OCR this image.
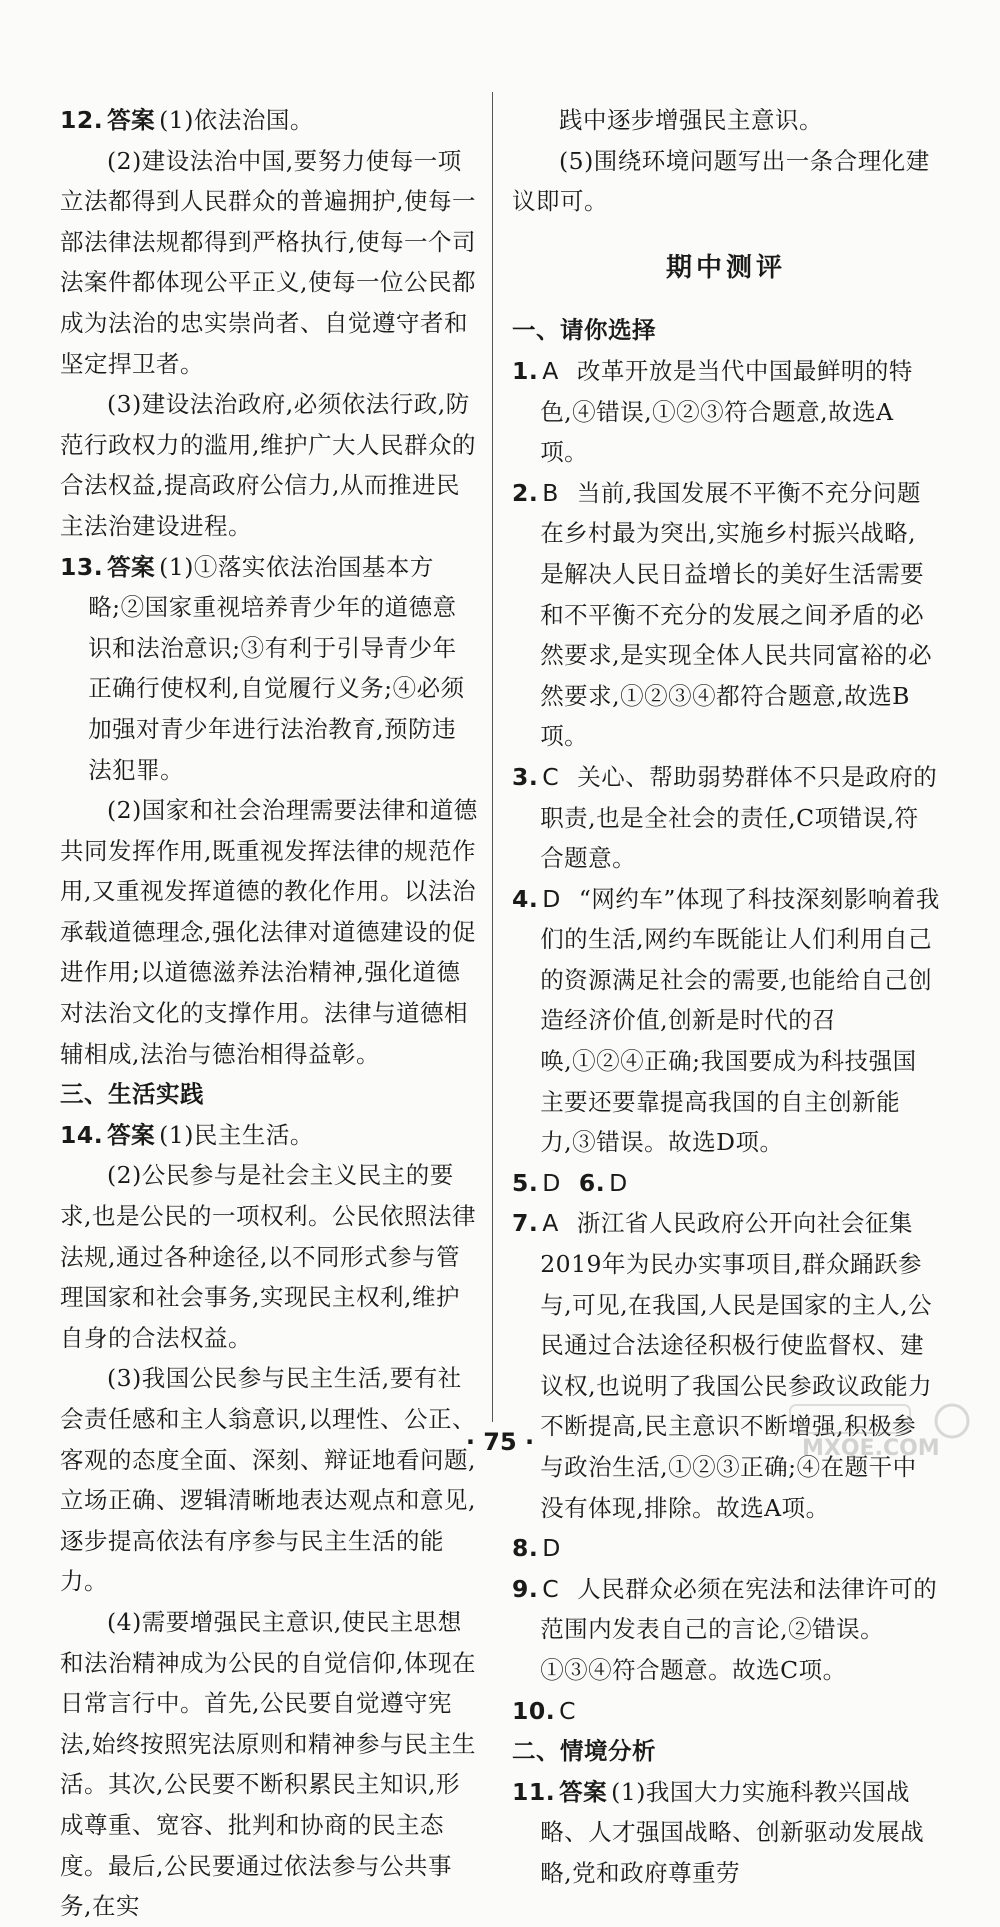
12. 答案 (1)依法治国。

(2)建设法治中国,要努力使每一项立法都得到人民群众的普遍拥护,使每一部法律法规都得到严格执行,使每一个司法案件都体现公平正义,使每一位公民都成为法治的忠实崇尚者、自觉遵守者和坚定捍卫者。

(3)建设法治政府,必须依法行政,防范行政权力的滥用,维护广大人民群众的合法权益,提高政府公信力,从而推进民主法治建设进程。

13. 答案 (1)①落实依法治国基本方略;②国家重视培养青少年的道德意识和法治意识;③有利于引导青少年正确行使权利,自觉履行义务;④必须加强对青少年进行法治教育,预防违法犯罪。

(2)国家和社会治理需要法律和道德共同发挥作用,既重视发挥法律的规范作用,又重视发挥道德的教化作用。以法治承载道德理念,强化法律对道德建设的促进作用;以道德滋养法治精神,强化道德对法治文化的支撑作用。法律与道德相辅相成,法治与德治相得益彰。

三、生活实践

14. 答案 (1)民主生活。

(2)公民参与是社会主义民主的要求,也是公民的一项权利。公民依照法律法规,通过各种途径,以不同形式参与管理国家和社会事务,实现民主权利,维护自身的合法权益。

(3)我国公民参与民主生活,要有社会责任感和主人翁意识,以理性、公正、客观的态度全面、深刻、辩证地看问题,立场正确、逻辑清晰地表达观点和意见,逐步提高依法有序参与民主生活的能力。

(4)需要增强民主意识,使民主思想和法治精神成为公民的自觉信仰,体现在日常言行中。首先,公民要自觉遵守宪法,始终按照宪法原则和精神参与民主生活。其次,公民要不断积累民主知识,形成尊重、宽容、批判和协商的民主态度。最后,公民要通过依法参与公共事务,在实

践中逐步增强民主意识。

(5)围绕环境问题写出一条合理化建议即可。

期中测评

一、请你选择

1. A 改革开放是当代中国最鲜明的特色,④错误,①②③符合题意,故选A项。

2. B 当前,我国发展不平衡不充分问题在乡村最为突出,实施乡村振兴战略,是解决人民日益增长的美好生活需要和不平衡不充分的发展之间矛盾的必然要求,是实现全体人民共同富裕的必然要求,①②③④都符合题意,故选B项。

3. C 关心、帮助弱势群体不只是政府的职责,也是全社会的责任,C项错误,符合题意。

4. D “网约车”体现了科技深刻影响着我们的生活,网约车既能让人们利用自己的资源满足社会的需要,也能给自己创造经济价值,创新是时代的召唤,①②④正确;我国要成为科技强国主要还要靠提高我国的自主创新能力,③错误。故选D项。

5. D 6. D

7. A 浙江省人民政府公开向社会征集2019年为民办实事项目,群众踊跃参与,可见,在我国,人民是国家的主人,公民通过合法途径积极行使监督权、建议权,也说明了我国公民参政议政能力不断提高,民主意识不断增强,积极参与政治生活,①②③正确;④在题干中没有体现,排除。故选A项。

8. D

9. C 人民群众必须在宪法和法律许可的范围内发表自己的言论,②错误。①③④符合题意。故选C项。

10. C

二、情境分析

11. 答案 (1)我国大力实施科教兴国战略、人才强国战略、创新驱动发展战略,党和政府尊重劳

· 75 ·	MXQE.COM
